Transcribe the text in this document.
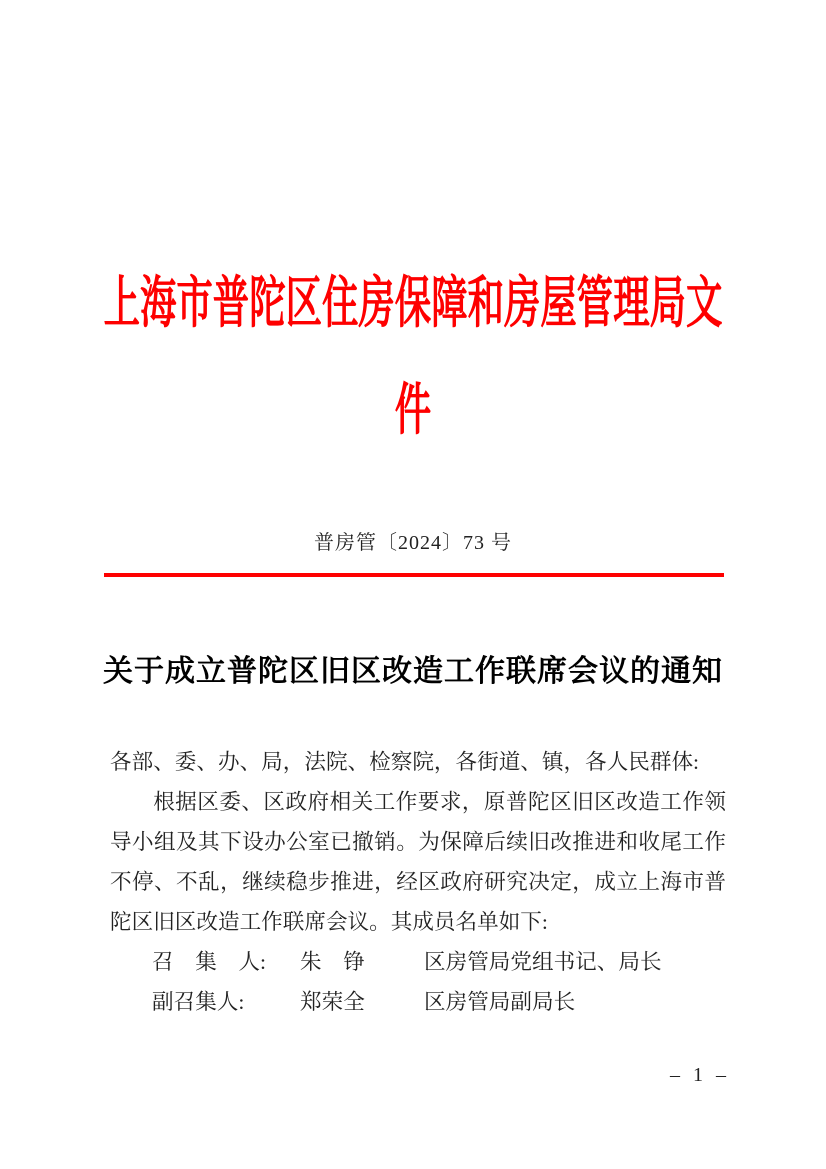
上海市普陀区住房保障和房屋管理局文
件
普房管〔2024〕73 号
关于成立普陀区旧区改造工作联席会议的通知

各部、委、办、局，法院、检察院，各街道、镇，各人民群体:

根据区委、区政府相关工作要求，原普陀区旧区改造工作领导小组及其下设办公室已撤销。为保障后续旧改推进和收尾工作不停、不乱，继续稳步推进，经区政府研究决定，成立上海市普陀区旧区改造工作联席会议。其成员名单如下:

召　集　人:	朱　铮	区房管局党组书记、局长
副召集人:	郑荣全	区房管局副局长
– 1 –
